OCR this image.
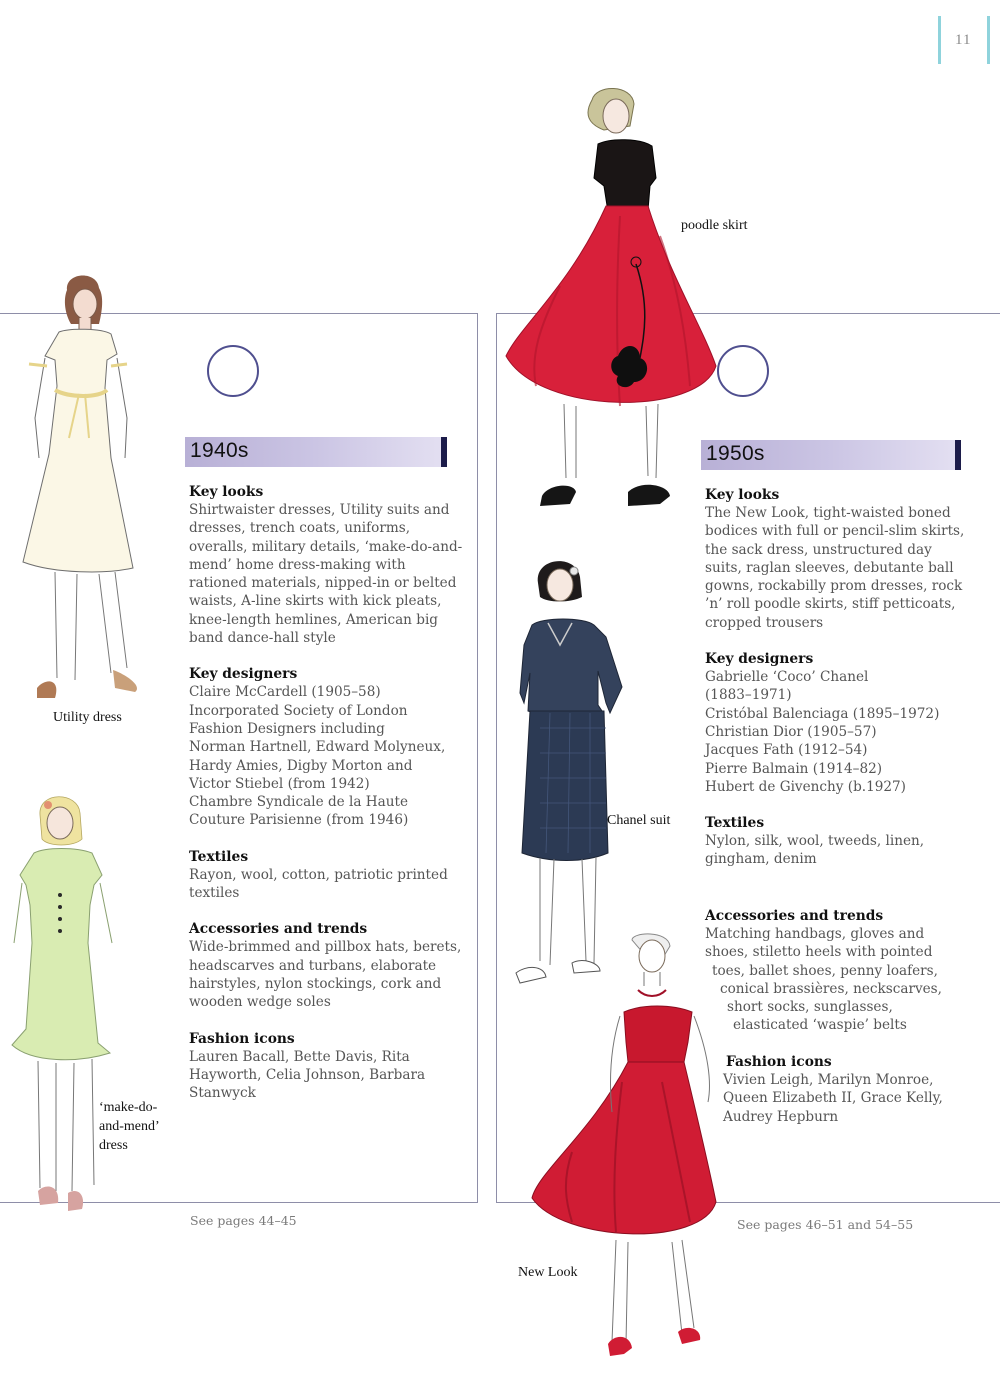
11
Utility dress
‘make-do-
and-mend’
dress
poodle skirt
Chanel suit
New Look
1940s
Key looks

Shirtwaister dresses, Utility suits and dresses, trench coats, uniforms, overalls, military details, ‘make-do-and-mend’ home dress-making with rationed materials, nipped-in or belted waists, A-line skirts with kick pleats, knee-length hemlines, American big band dance-hall style

Key designers

Claire McCardell (1905–58)
Incorporated Society of London
Fashion Designers including
Norman Hartnell, Edward Molyneux,
Hardy Amies, Digby Morton and
Victor Stiebel (from 1942)
Chambre Syndicale de la Haute
Couture Parisienne (from 1946)

Textiles

Rayon, wool, cotton, patriotic printed textiles

Accessories and trends

Wide-brimmed and pillbox hats, berets, headscarves and turbans, elaborate hairstyles, nylon stockings, cork and wooden wedge soles

Fashion icons

Lauren Bacall, Bette Davis, Rita Hayworth, Celia Johnson, Barbara Stanwyck

See pages 44–45
1950s
Key looks

The New Look, tight-waisted boned bodices with full or pencil-slim skirts, the sack dress, unstructured day suits, raglan sleeves, debutante ball gowns, rockabilly prom dresses, rock ’n’ roll poodle skirts, stiff petticoats, cropped trousers

Key designers

Gabrielle ‘Coco’ Chanel
(1883–1971)
Cristóbal Balenciaga (1895–1972)
Christian Dior (1905–57)
Jacques Fath (1912–54)
Pierre Balmain (1914–82)
Hubert de Givenchy (b.1927)

Textiles

Nylon, silk, wool, tweeds, linen, gingham, denim

Accessories and trends
Matching handbags, gloves and
shoes, stiletto heels with pointed
toes, ballet shoes, penny loafers,
conical brassières, neckscarves,
short socks, sunglasses,
elasticated ‘waspie’ belts
Fashion icons
Vivien Leigh, Marilyn Monroe,
Queen Elizabeth II, Grace Kelly,
Audrey Hepburn
See pages 46–51 and 54–55
